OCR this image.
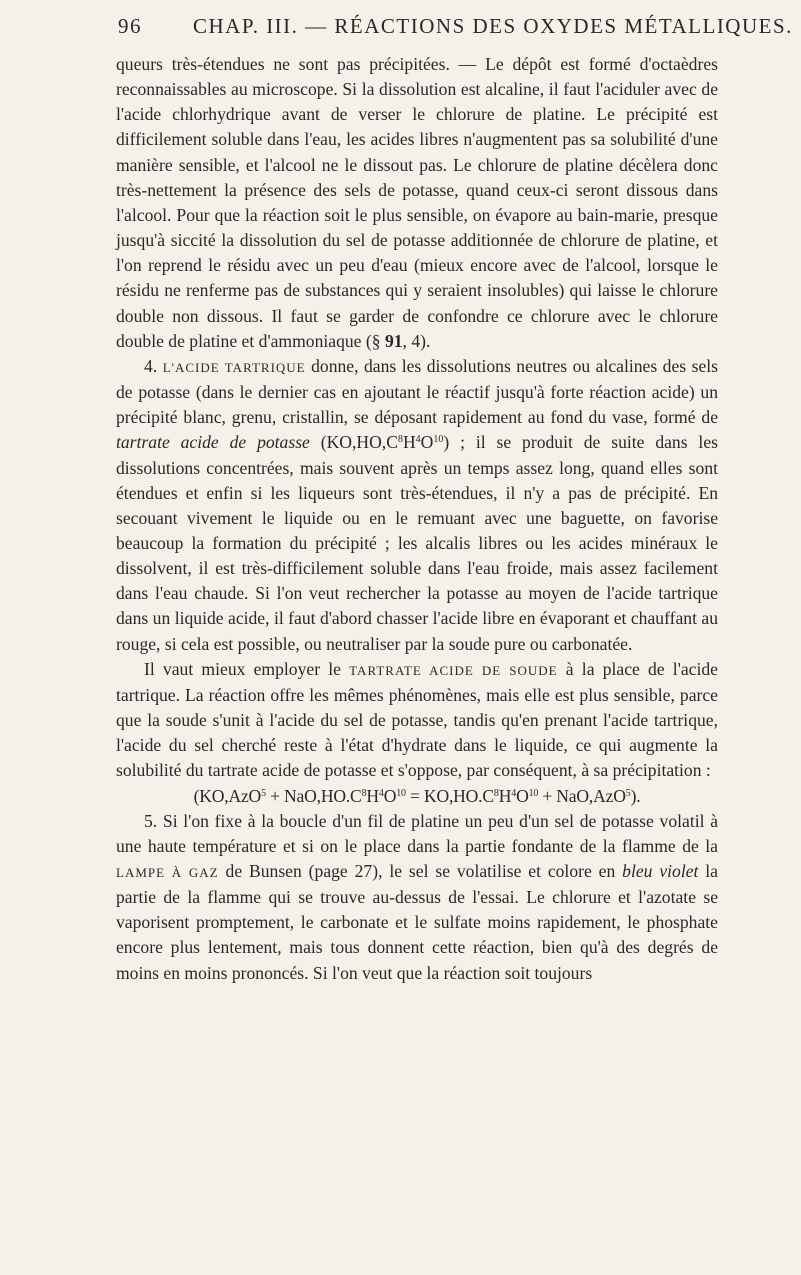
96 CHAP. III. — RÉACTIONS DES OXYDES MÉTALLIQUES.

queurs très-étendues ne sont pas précipitées. — Le dépôt est formé d'octaèdres reconnaissables au microscope. Si la dissolution est alcaline, il faut l'aciduler avec de l'acide chlorhydrique avant de verser le chlorure de platine. Le précipité est difficilement soluble dans l'eau, les acides libres n'augmentent pas sa solubilité d'une manière sensible, et l'alcool ne le dissout pas. Le chlorure de platine décèlera donc très-nettement la présence des sels de potasse, quand ceux-ci seront dissous dans l'alcool. Pour que la réaction soit le plus sensible, on évapore au bain-marie, presque jusqu'à siccité la dissolution du sel de potasse additionnée de chlorure de platine, et l'on reprend le résidu avec un peu d'eau (mieux encore avec de l'alcool, lorsque le résidu ne renferme pas de substances qui y seraient insolubles) qui laisse le chlorure double non dissous. Il faut se garder de confondre ce chlorure avec le chlorure double de platine et d'ammoniaque (§ 91, 4).

4. L'ACIDE TARTRIQUE donne, dans les dissolutions neutres ou alcalines des sels de potasse (dans le dernier cas en ajoutant le réactif jusqu'à forte réaction acide) un précipité blanc, grenu, cristallin, se déposant rapidement au fond du vase, formé de tartrate acide de potasse $(KO,HO,C^8H^4O^{10})$ ; il se produit de suite dans les dissolutions concentrées, mais souvent après un temps assez long, quand elles sont étendues et enfin si les liqueurs sont très-étendues, il n'y a pas de précipité. En secouant vivement le liquide ou en le remuant avec une baguette, on favorise beaucoup la formation du précipité ; les alcalis libres ou les acides minéraux le dissolvent, il est très-difficilement soluble dans l'eau froide, mais assez facilement dans l'eau chaude. Si l'on veut rechercher la potasse au moyen de l'acide tartrique dans un liquide acide, il faut d'abord chasser l'acide libre en évaporant et chauffant au rouge, si cela est possible, ou neutraliser par la soude pure ou carbonatée.

Il vaut mieux employer le TARTRATE ACIDE DE SOUDE à la place de l'acide tartrique. La réaction offre les mêmes phénomènes, mais elle est plus sensible, parce que la soude s'unit à l'acide du sel de potasse, tandis qu'en prenant l'acide tartrique, l'acide du sel cherché reste à l'état d'hydrate dans le liquide, ce qui augmente la solubilité du tartrate acide de potasse et s'oppose, par conséquent, à sa précipitation :

$(KO,AzO^5 + NaO,HO.C^8H^4O^{10} = KO,HO.C^8H^4O^{10} + NaO,AzO^5)$.

5. Si l'on fixe à la boucle d'un fil de platine un peu d'un sel de potasse volatil à une haute température et si on le place dans la partie fondante de la flamme de la LAMPE À GAZ de Bunsen (page 27), le sel se volatilise et colore en bleu violet la partie de la flamme qui se trouve au-dessus de l'essai. Le chlorure et l'azotate se vaporisent promptement, le carbonate et le sulfate moins rapidement, le phosphate encore plus lentement, mais tous donnent cette réaction, bien qu'à des degrés de moins en moins prononcés. Si l'on veut que la réaction soit toujours
